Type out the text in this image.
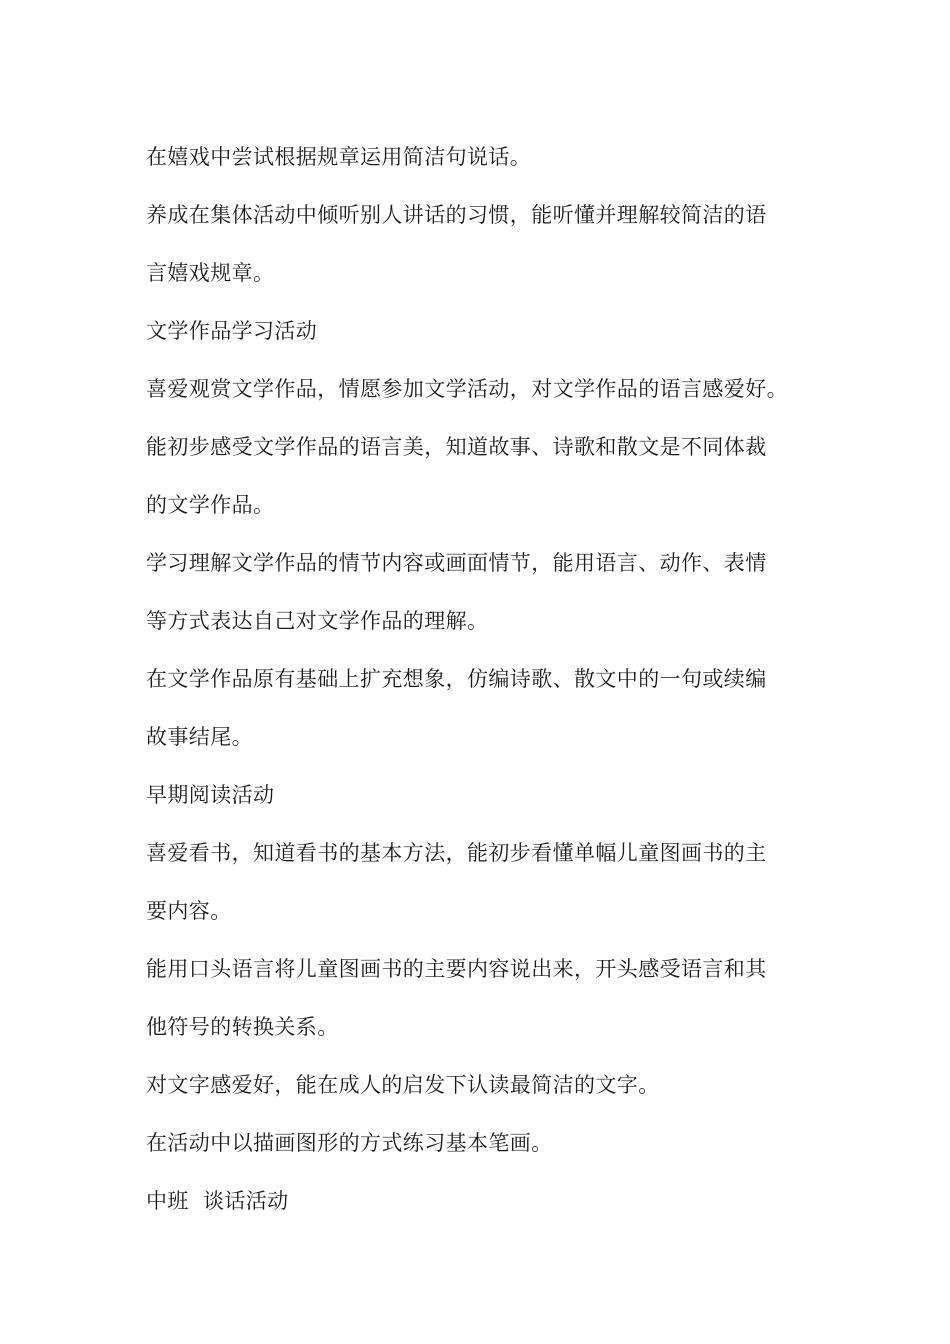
在嬉戏中尝试根据规章运用简洁句说话。
养成在集体活动中倾听别人讲话的习惯，能听懂并理解较简洁的语
言嬉戏规章。
文学作品学习活动
喜爱观赏文学作品，情愿参加文学活动，对文学作品的语言感爱好。
能初步感受文学作品的语言美，知道故事、诗歌和散文是不同体裁
的文学作品。
学习理解文学作品的情节内容或画面情节，能用语言、动作、表情
等方式表达自己对文学作品的理解。
在文学作品原有基础上扩充想象，仿编诗歌、散文中的一句或续编
故事结尾。
早期阅读活动
喜爱看书，知道看书的基本方法，能初步看懂单幅儿童图画书的主
要内容。
能用口头语言将儿童图画书的主要内容说出来，开头感受语言和其
他符号的转换关系。
对文字感爱好，能在成人的启发下认读最简洁的文字。
在活动中以描画图形的方式练习基本笔画。
中班  谈话活动
